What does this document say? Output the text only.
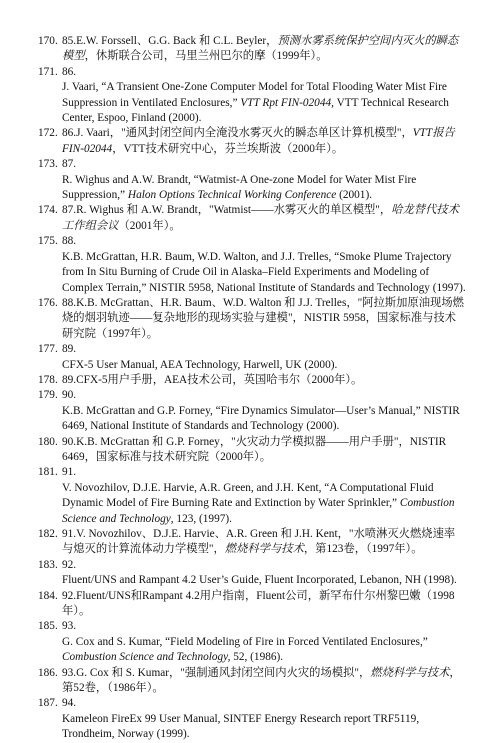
170. 85.E.W. Forssell、G.G. Back 和 C.L. Beyler，预测水雾系统保护空间内灭火的瞬态
模型，休斯联合公司，马里兰州巴尔的摩（1999年）。
171. 86.
J. Vaari, “A Transient One-Zone Computer Model for Total Flooding Water Mist Fire
Suppression in Ventilated Enclosures,” VTT Rpt FIN-02044, VTT Technical Research
Center, Espoo, Finland (2000).
172. 86.J. Vaari，"通风封闭空间内全淹没水雾灭火的瞬态单区计算机模型"，VTT报告
FIN-02044，VTT技术研究中心，芬兰埃斯波（2000年）。
173. 87.
R. Wighus and A.W. Brandt, “Watmist-A One-zone Model for Water Mist Fire
Suppression,” Halon Options Technical Working Conference (2001).
174. 87.R. Wighus 和 A.W. Brandt，"Watmist——水雾灭火的单区模型"，哈龙替代技术
工作组会议（2001年）。
175. 88.
K.B. McGrattan, H.R. Baum, W.D. Walton, and J.J. Trelles, “Smoke Plume Trajectory
from In Situ Burning of Crude Oil in Alaska–Field Experiments and Modeling of
Complex Terrain,” NISTIR 5958, National Institute of Standards and Technology (1997).
176. 88.K.B. McGrattan、H.R. Baum、W.D. Walton 和 J.J. Trelles，"阿拉斯加原油现场燃
烧的烟羽轨迹——复杂地形的现场实验与建模"，NISTIR 5958，国家标准与技术
研究院（1997年）。
177. 89.
CFX-5 User Manual, AEA Technology, Harwell, UK (2000).
178. 89.CFX-5用户手册，AEA技术公司，英国哈韦尔（2000年）。
179. 90.
K.B. McGrattan and G.P. Forney, “Fire Dynamics Simulator—User’s Manual,” NISTIR
6469, National Institute of Standards and Technology (2000).
180. 90.K.B. McGrattan 和 G.P. Forney，"火灾动力学模拟器——用户手册"，NISTIR
6469，国家标准与技术研究院（2000年）。
181. 91.
V. Novozhilov, D.J.E. Harvie, A.R. Green, and J.H. Kent, “A Computational Fluid
Dynamic Model of Fire Burning Rate and Extinction by Water Sprinkler,” Combustion
Science and Technology, 123, (1997).
182. 91.V. Novozhilov、D.J.E. Harvie、A.R. Green 和 J.H. Kent，"水喷淋灭火燃烧速率
与熄灭的计算流体动力学模型"，燃烧科学与技术，第123卷，（1997年）。
183. 92.
Fluent/UNS and Rampant 4.2 User’s Guide, Fluent Incorporated, Lebanon, NH (1998).
184. 92.Fluent/UNS和Rampant 4.2用户指南，Fluent公司，新罕布什尔州黎巴嫩（1998
年）。
185. 93.
G. Cox and S. Kumar, “Field Modeling of Fire in Forced Ventilated Enclosures,”
Combustion Science and Technology, 52, (1986).
186. 93.G. Cox 和 S. Kumar，"强制通风封闭空间内火灾的场模拟"，燃烧科学与技术，
第52卷，（1986年）。
187. 94.
Kameleon FireEx 99 User Manual, SINTEF Energy Research report TRF5119,
Trondheim, Norway (1999).
